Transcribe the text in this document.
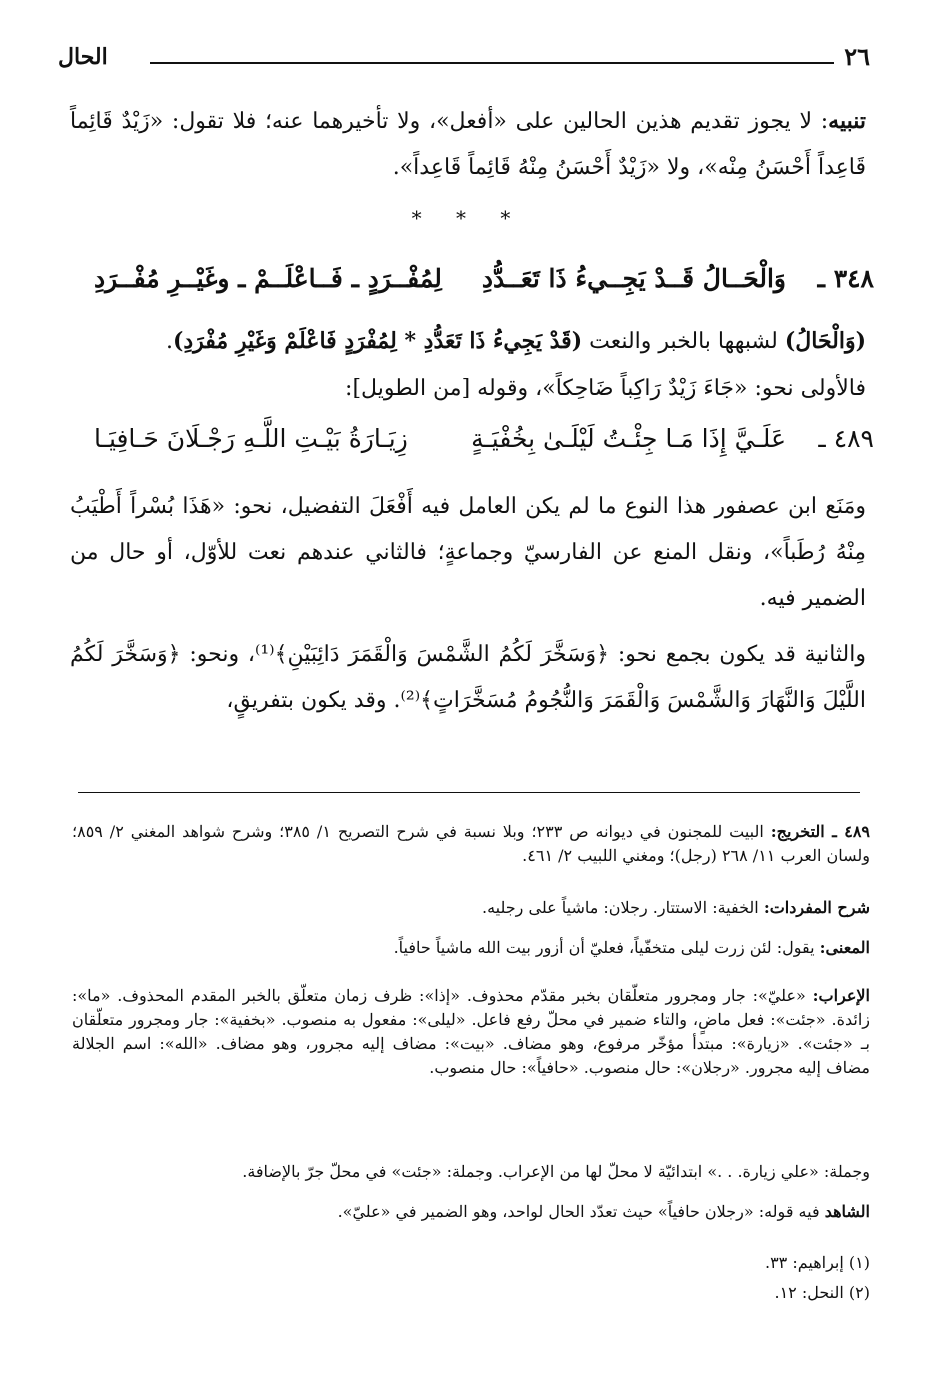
٢٦
الحال
تنبيه: لا يجوز تقديم هذين الحالين على «أفعل»، ولا تأخيرهما عنه؛ فلا تقول: «زَيْدٌ قَائِماً قَاعِداً أَحْسَنُ مِنْه»، ولا «زَيْدٌ أَحْسَنُ مِنْهُ قَائِماً قَاعِداً».
* * *
٣٤٨ ـ
وَالْحَــالُ قَــدْ يَجِــيءُ ذَا تَعَــدُّدِ
لِمُفْــرَدٍ ـ فَــاعْلَــمْ ـ وغَيْــرِ مُفْــرَدِ
(وَالْحَالُ) لشبهها بالخبر والنعت (قَدْ يَجِيءُ ذَا تَعَدُّدِ * لِمُفْرَدٍ فَاعْلَمْ وَغَيْرِ مُفْرَدِ).
فالأولى نحو: «جَاءَ زَيْدٌ رَاكِباً ضَاحِكاً»، وقوله [من الطويل]:
٤٨٩ ـ
عَلَـيَّ إِذَا مَـا جِئْـتُ لَيْلَـىٰ بِخُفْيَـةٍ
زِيَـارَةُ بَيْـتِ اللَّـهِ رَجْـلَانَ حَـافِيَـا
ومَنَع ابن عصفور هذا النوع ما لم يكن العامل فيه أَفْعَلَ التفضيل، نحو: «هَذَا بُسْراً أَطْيَبُ مِنْهُ رُطَباً»، ونقل المنع عن الفارسيّ وجماعةٍ؛ فالثاني عندهم نعت للأوّل، أو حال من الضمير فيه.
والثانية قد يكون بجمع نحو: ﴿وَسَخَّرَ لَكُمُ الشَّمْسَ وَالْقَمَرَ دَائِبَيْنِ﴾⁽¹⁾، ونحو: ﴿وَسَخَّرَ لَكُمُ اللَّيْلَ وَالنَّهَارَ وَالشَّمْسَ وَالْقَمَرَ وَالنُّجُومُ مُسَخَّرَاتٍ﴾⁽²⁾. وقد يكون بتفريقٍ،
٤٨٩ ـ التخريج: البيت للمجنون في ديوانه ص ٢٣٣؛ وبلا نسبة في شرح التصريح ١/ ٣٨٥؛ وشرح شواهد المغني ٢/ ٨٥٩؛ ولسان العرب ١١/ ٢٦٨ (رجل)؛ ومغني اللبيب ٢/ ٤٦١.
شرح المفردات: الخفية: الاستتار. رجلان: ماشياً على رجليه.
المعنى: يقول: لئن زرت ليلى متخفّياً، فعليّ أن أزور بيت الله ماشياً حافياً.
الإعراب: «عليّ»: جار ومجرور متعلّقان بخبر مقدّم محذوف. «إذا»: ظرف زمان متعلّق بالخبر المقدم المحذوف. «ما»: زائدة. «جئت»: فعل ماضٍ، والتاء ضمير في محلّ رفع فاعل. «ليلى»: مفعول به منصوب. «بخفية»: جار ومجرور متعلّقان بـ «جئت». «زيارة»: مبتدأ مؤخّر مرفوع، وهو مضاف. «بيت»: مضاف إليه مجرور، وهو مضاف. «الله»: اسم الجلالة مضاف إليه مجرور. «رجلان»: حال منصوب. «حافياً»: حال منصوب.
وجملة: «علي زيارة. . .» ابتدائيّة لا محلّ لها من الإعراب. وجملة: «جئت» في محلّ جرّ بالإضافة.
الشاهد فيه قوله: «رجلان حافياً» حيث تعدّد الحال لواحد، وهو الضمير في «عليّ».
(١) إبراهيم: ٣٣.
(٢) النحل: ١٢.
